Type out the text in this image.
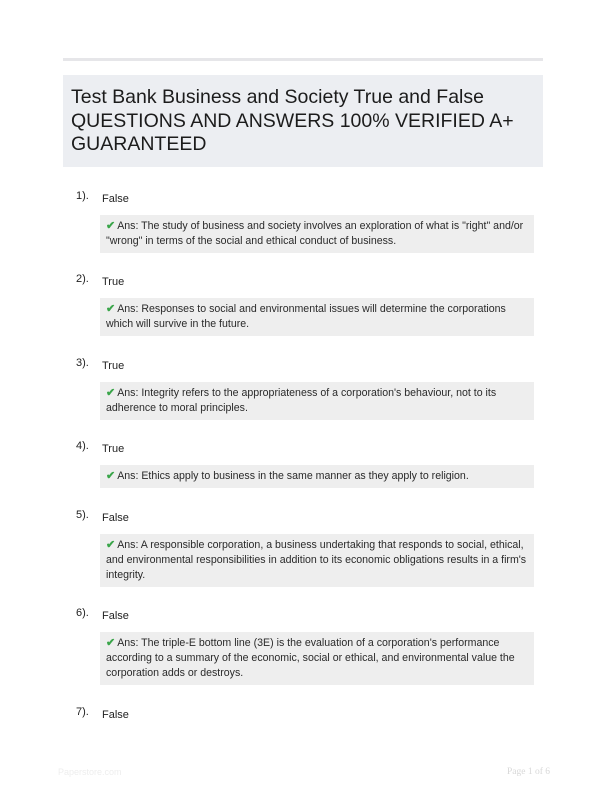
Test Bank Business and Society True and False QUESTIONS AND ANSWERS 100% VERIFIED A+ GUARANTEED
1). False
✔ Ans: The study of business and society involves an exploration of what is "right" and/or "wrong" in terms of the social and ethical conduct of business.
2). True
✔ Ans: Responses to social and environmental issues will determine the corporations which will survive in the future.
3). True
✔ Ans: Integrity refers to the appropriateness of a corporation's behaviour, not to its adherence to moral principles.
4). True
✔ Ans: Ethics apply to business in the same manner as they apply to religion.
5). False
✔ Ans: A responsible corporation, a business undertaking that responds to social, ethical, and environmental responsibilities in addition to its economic obligations results in a firm's integrity.
6). False
✔ Ans: The triple-E bottom line (3E) is the evaluation of a corporation's performance according to a summary of the economic, social or ethical, and environmental value the corporation adds or destroys.
7). False
Paperstore.com	Page 1 of 6
